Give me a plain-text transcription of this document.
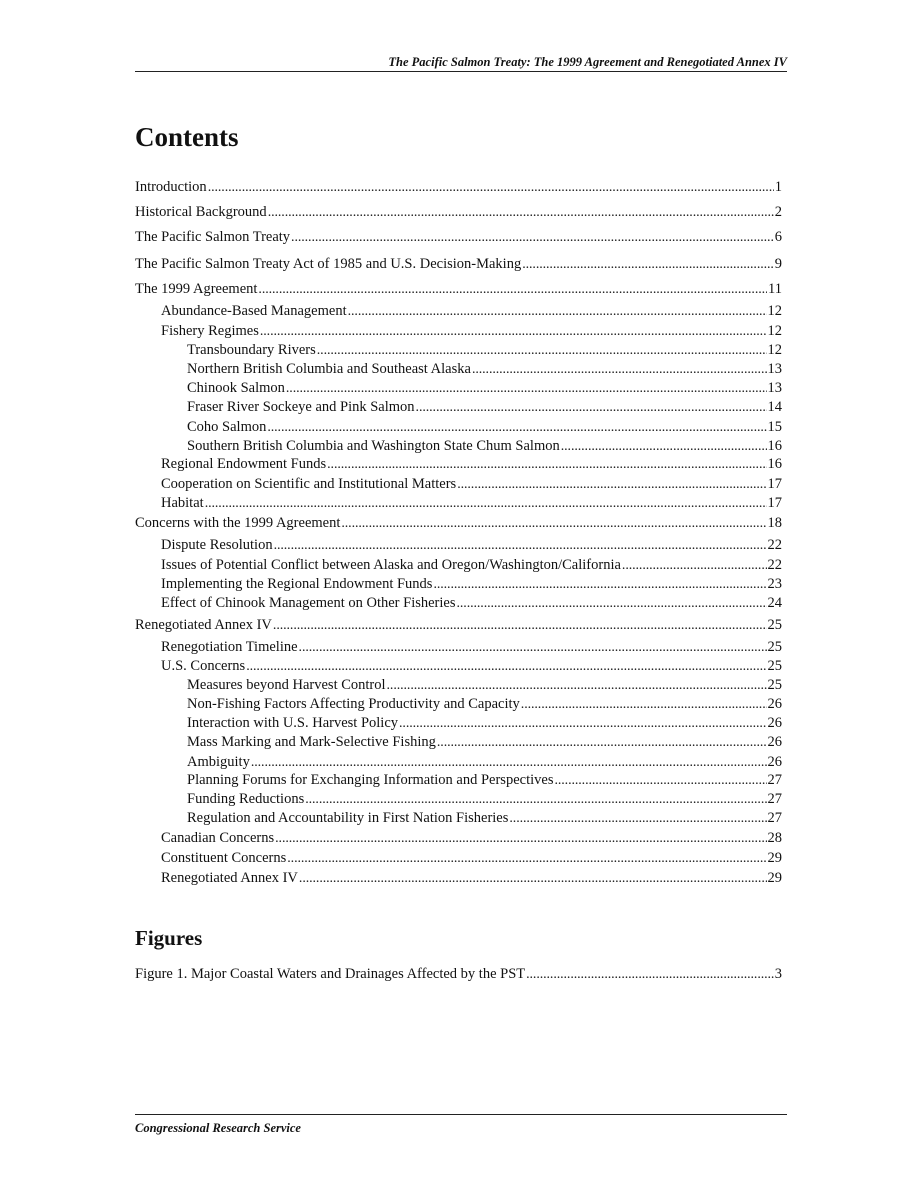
The Pacific Salmon Treaty: The 1999 Agreement and Renegotiated Annex IV
Contents
Introduction . . .	1
Historical Background . . .	2
The Pacific Salmon Treaty . . .	6
The Pacific Salmon Treaty Act of 1985 and U.S. Decision-Making . . .	9
The 1999 Agreement . . .	11
Abundance-Based Management . . .	12
Fishery Regimes . . .	12
Transboundary Rivers . . .	12
Northern British Columbia and Southeast Alaska . . .	13
Chinook Salmon . . .	13
Fraser River Sockeye and Pink Salmon . . .	14
Coho Salmon . . .	15
Southern British Columbia and Washington State Chum Salmon . . .	16
Regional Endowment Funds . . .	16
Cooperation on Scientific and Institutional Matters . . .	17
Habitat . . .	17
Concerns with the 1999 Agreement . . .	18
Dispute Resolution . . .	22
Issues of Potential Conflict between Alaska and Oregon/Washington/California . . .	22
Implementing the Regional Endowment Funds . . .	23
Effect of Chinook Management on Other Fisheries . . .	24
Renegotiated Annex IV . . .	25
Renegotiation Timeline . . .	25
U.S. Concerns . . .	25
Measures beyond Harvest Control . . .	25
Non-Fishing Factors Affecting Productivity and Capacity . . .	26
Interaction with U.S. Harvest Policy . . .	26
Mass Marking and Mark-Selective Fishing . . .	26
Ambiguity . . .	26
Planning Forums for Exchanging Information and Perspectives . . .	27
Funding Reductions . . .	27
Regulation and Accountability in First Nation Fisheries . . .	27
Canadian Concerns . . .	28
Constituent Concerns . . .	29
Renegotiated Annex IV . . .	29
Figures
Figure 1. Major Coastal Waters and Drainages Affected by the PST . . .	3
Congressional Research Service
